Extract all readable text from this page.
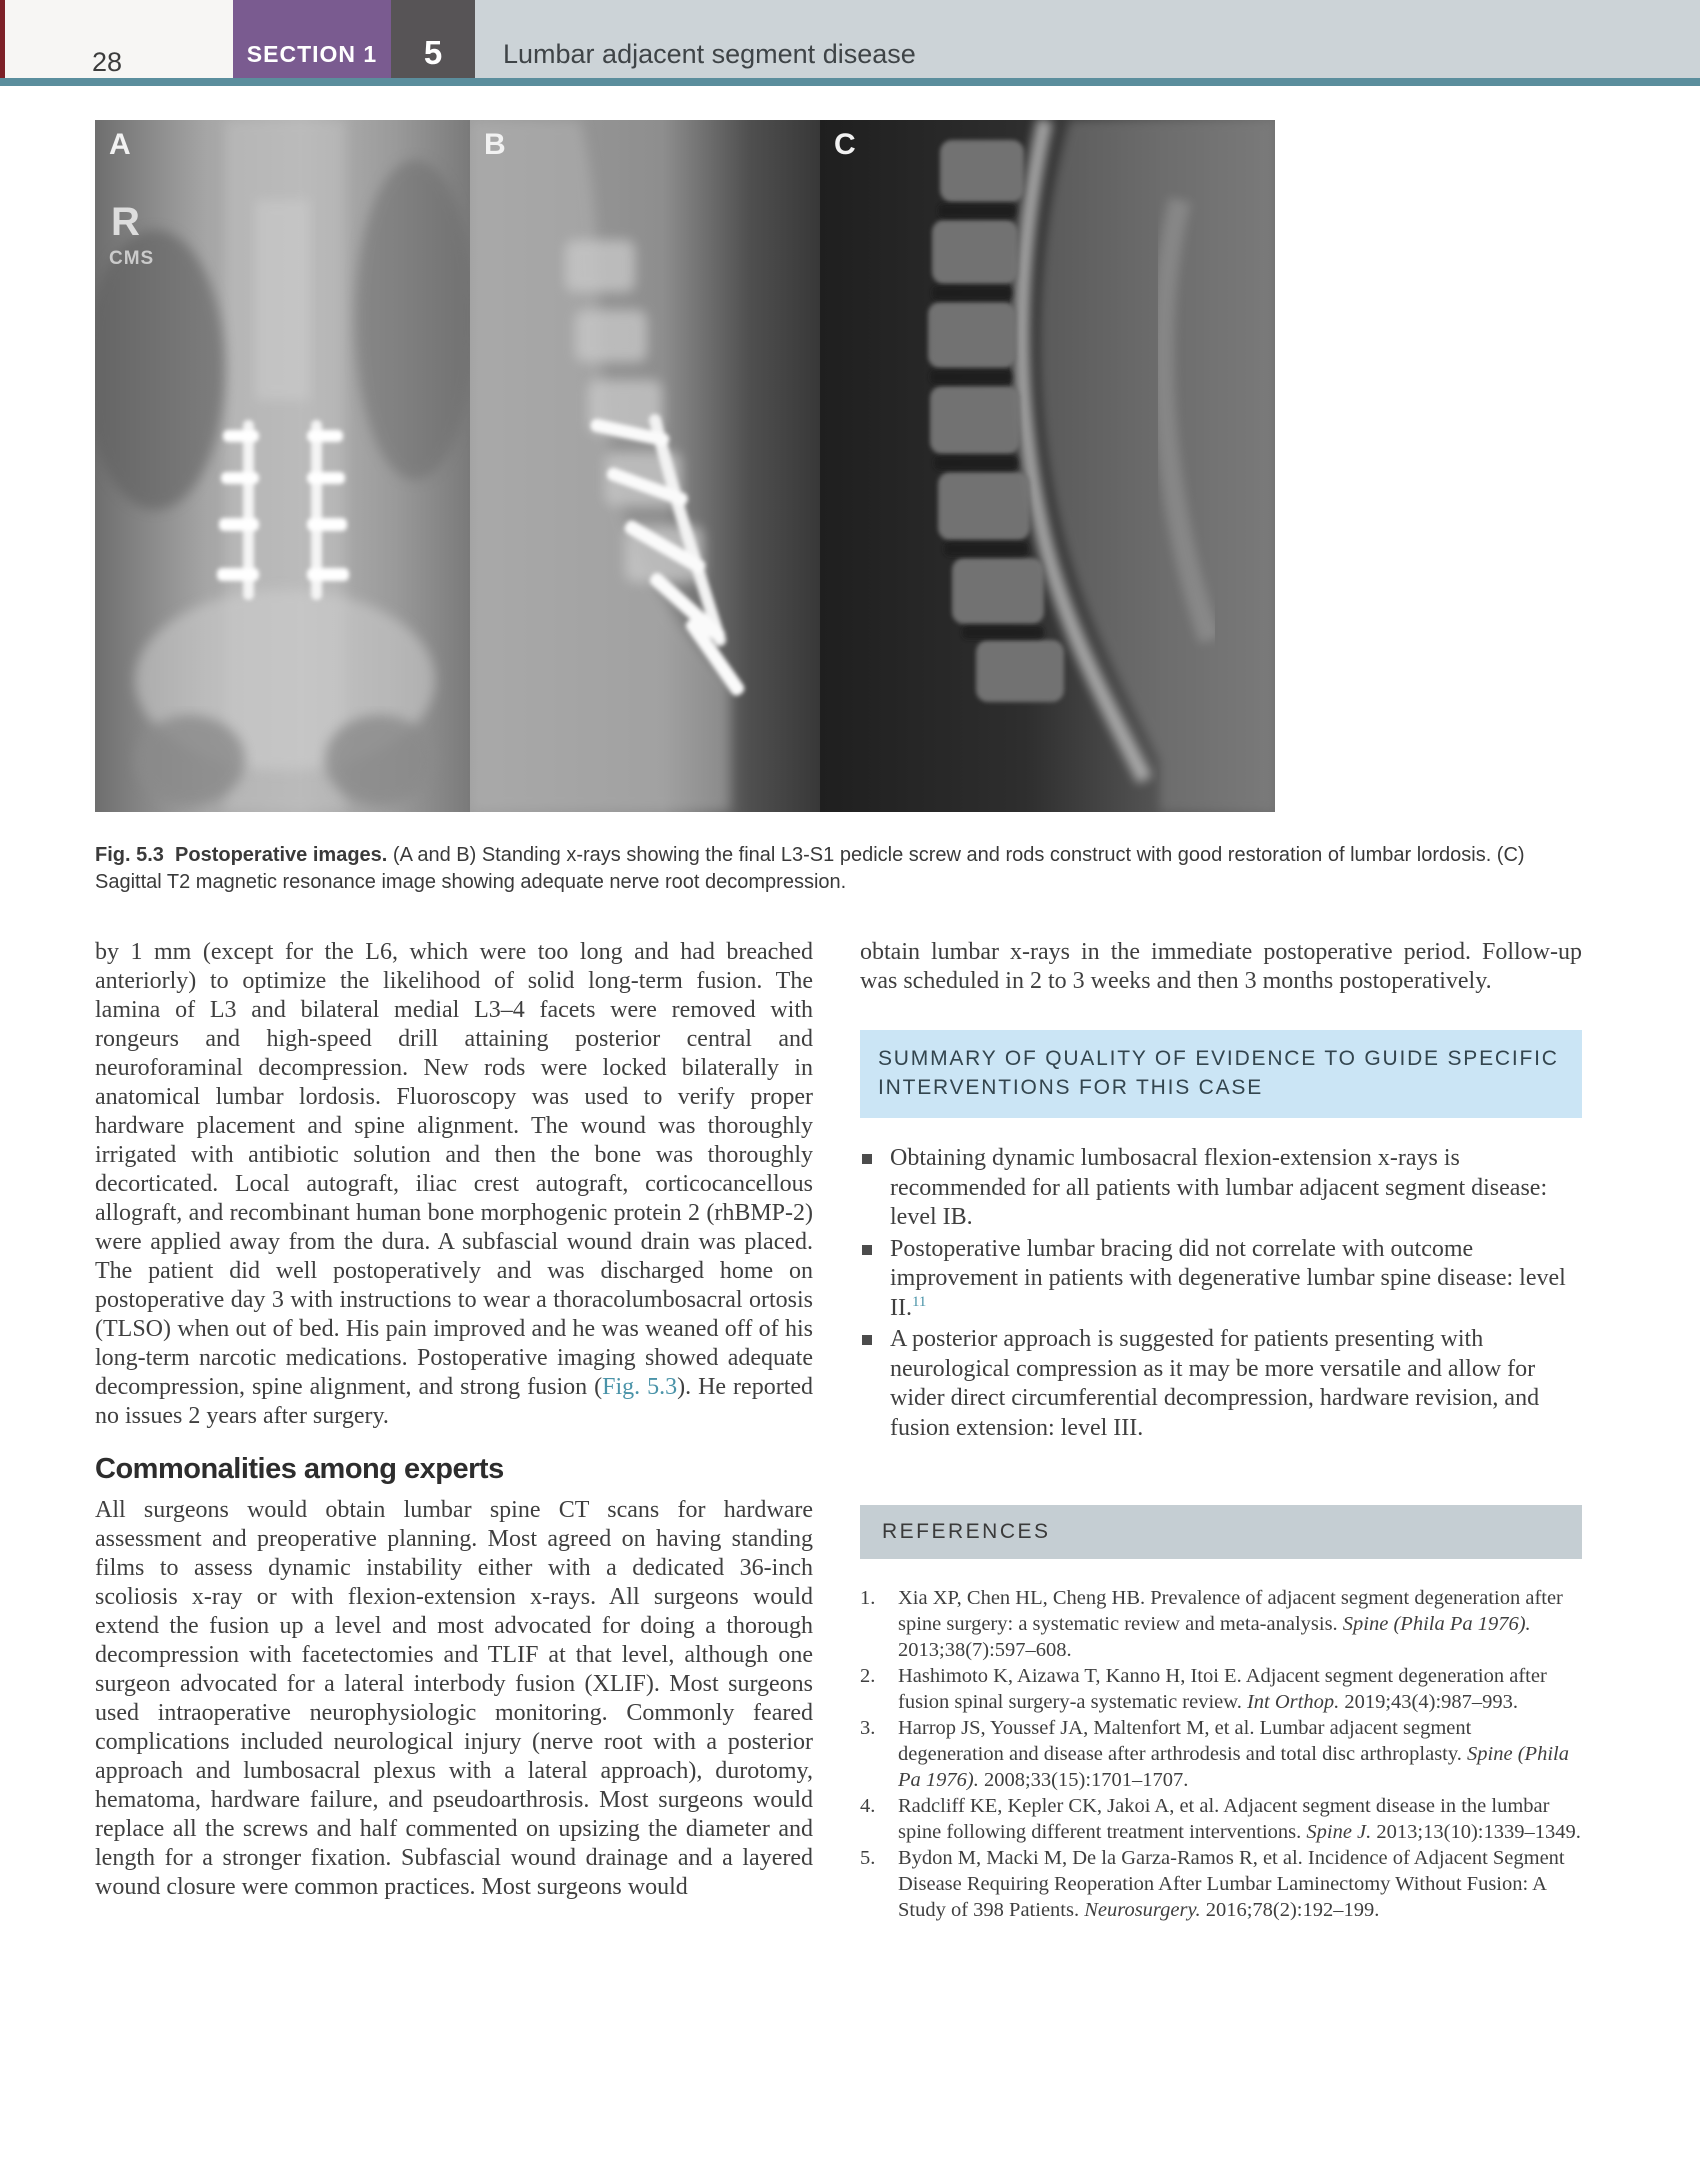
28	SECTION 1	5	Lumbar adjacent segment disease
A
R
CMS
B	C

Fig. 5.3 Postoperative images. (A and B) Standing x-rays showing the final L3-S1 pedicle screw and rods construct with good restoration of lumbar lordosis. (C) Sagittal T2 magnetic resonance image showing adequate nerve root decompression.

by 1 mm (except for the L6, which were too long and had breached anteriorly) to optimize the likelihood of solid long-term fusion. The lamina of L3 and bilateral medial L3–4 facets were removed with rongeurs and high-speed drill attaining posterior central and neuroforaminal decompression. New rods were locked bilaterally in anatomical lumbar lordosis. Fluoroscopy was used to verify proper hardware placement and spine alignment. The wound was thoroughly irrigated with antibiotic solution and then the bone was thoroughly decorticated. Local autograft, iliac crest autograft, corticocancellous allograft, and recombinant human bone morphogenic protein 2 (rhBMP-2) were applied away from the dura. A subfascial wound drain was placed. The patient did well postoperatively and was discharged home on postoperative day 3 with instructions to wear a thoracolumbosacral ortosis (TLSO) when out of bed. His pain improved and he was weaned off of his long-term narcotic medications. Postoperative imaging showed adequate decompression, spine alignment, and strong fusion (Fig. 5.3). He reported no issues 2 years after surgery.

Commonalities among experts

All surgeons would obtain lumbar spine CT scans for hardware assessment and preoperative planning. Most agreed on having standing films to assess dynamic instability either with a dedicated 36-inch scoliosis x-ray or with flexion-extension x-rays. All surgeons would extend the fusion up a level and most advocated for doing a thorough decompression with facetectomies and TLIF at that level, although one surgeon advocated for a lateral interbody fusion (XLIF). Most surgeons used intraoperative neurophysiologic monitoring. Commonly feared complications included neurological injury (nerve root with a posterior approach and lumbosacral plexus with a lateral approach), durotomy, hematoma, hardware failure, and pseudoarthrosis. Most surgeons would replace all the screws and half commented on upsizing the diameter and length for a stronger fixation. Subfascial wound drainage and a layered wound closure were common practices. Most surgeons would

obtain lumbar x-rays in the immediate postoperative period. Follow-up was scheduled in 2 to 3 weeks and then 3 months postoperatively.

SUMMARY OF QUALITY OF EVIDENCE TO GUIDE SPECIFIC INTERVENTIONS FOR THIS CASE
Obtaining dynamic lumbosacral flexion-extension x-rays is recommended for all patients with lumbar adjacent segment disease: level IB.
Postoperative lumbar bracing did not correlate with outcome improvement in patients with degenerative lumbar spine disease: level II.$^{11}$
A posterior approach is suggested for patients presenting with neurological compression as it may be more versatile and allow for wider direct circumferential decompression, hardware revision, and fusion extension: level III.
REFERENCES
1.	Xia XP, Chen HL, Cheng HB. Prevalence of adjacent segment degeneration after spine surgery: a systematic review and meta-analysis. Spine (Phila Pa 1976). 2013;38(7):597–608.
2.	Hashimoto K, Aizawa T, Kanno H, Itoi E. Adjacent segment degeneration after fusion spinal surgery-a systematic review. Int Orthop. 2019;43(4):987–993.
3.	Harrop JS, Youssef JA, Maltenfort M, et al. Lumbar adjacent segment degeneration and disease after arthrodesis and total disc arthroplasty. Spine (Phila Pa 1976). 2008;33(15):1701–1707.
4.	Radcliff KE, Kepler CK, Jakoi A, et al. Adjacent segment disease in the lumbar spine following different treatment interventions. Spine J. 2013;13(10):1339–1349.
5.	Bydon M, Macki M, De la Garza-Ramos R, et al. Incidence of Adjacent Segment Disease Requiring Reoperation After Lumbar Laminectomy Without Fusion: A Study of 398 Patients. Neurosurgery. 2016;78(2):192–199.
